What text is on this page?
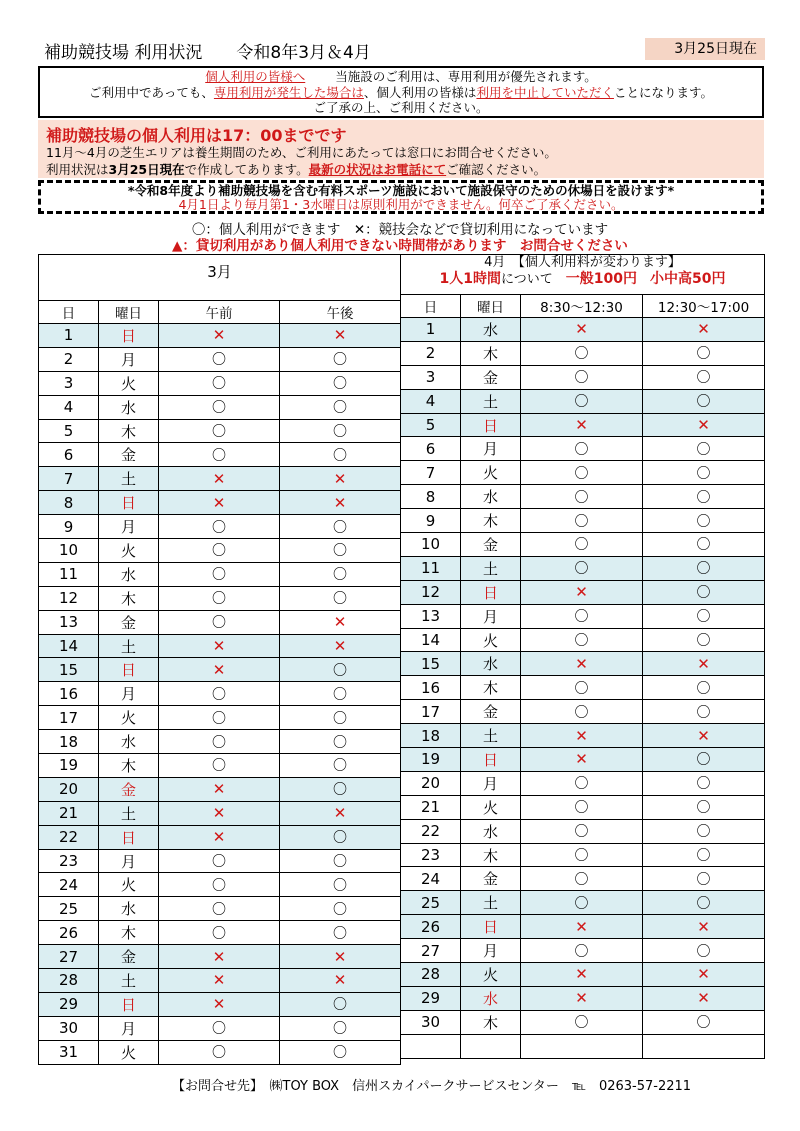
補助競技場 利用状況 令和8年3月＆4月	3月25日現在
個人利用の皆様へ 当施設のご利用は、専用利用が優先されます。
ご利用中であっても、専用利用が発生した場合は、個人利用の皆様は利用を中止していただくことになります。
ご了承の上、ご利用ください。
補助競技場の個人利用は17：00までです
11月～4月の芝生エリアは養生期間のため、ご利用にあたっては窓口にお問合せください。
利用状況は3月25日現在で作成してあります。最新の状況はお電話にてご確認ください。
*令和8年度より補助競技場を含む有料スポーツ施設において施設保守のための休場日を設けます*
4月1日より毎月第1・3水曜日は原則利用ができません。何卒ご了承ください。
〇：個人利用ができます　✕：競技会などで貸切利用になっています
▲：貸切利用があり個人利用できない時間帯があります　お問合せください
3月			
日	曜日	午前	午後
1	日	✕	✕
2	月	〇	〇
3	火	〇	〇
4	水	〇	〇
5	木	〇	〇
6	金	〇	〇
7	土	✕	✕
8	日	✕	✕
9	月	〇	〇
10	火	〇	〇
11	水	〇	〇
12	木	〇	〇
13	金	〇	✕
14	土	✕	✕
15	日	✕	〇
16	月	〇	〇
17	火	〇	〇
18	水	〇	〇
19	木	〇	〇
20	金	✕	〇
21	土	✕	✕
22	日	✕	〇
23	月	〇	〇
24	火	〇	〇
25	水	〇	〇
26	木	〇	〇
27	金	✕	✕
28	土	✕	✕
29	日	✕	〇
30	月	〇	〇
31	火	〇	〇
4月　 【個人利用料が変わります】
1人1時間について　 一般100円　 小中高50円			

日	曜日	8:30～12:30	12:30～17:00
1	水	✕	✕
2	木	〇	〇
3	金	〇	〇
4	土	〇	〇
5	日	✕	✕
6	月	〇	〇
7	火	〇	〇
8	水	〇	〇
9	木	〇	〇
10	金	〇	〇
11	土	〇	〇
12	日	✕	〇
13	月	〇	〇
14	火	〇	〇
15	水	✕	✕
16	木	〇	〇
17	金	〇	〇
18	土	✕	✕
19	日	✕	〇
20	月	〇	〇
21	火	〇	〇
22	水	〇	〇
23	木	〇	〇
24	金	〇	〇
25	土	〇	〇
26	日	✕	✕
27	月	〇	〇
28	火	✕	✕
29	水	✕	✕
30	木	〇	〇

【お問合せ先】　 ㈱TOY BOX　 信州スカイパークサービスセンター　 ℡　 0263-57-2211
